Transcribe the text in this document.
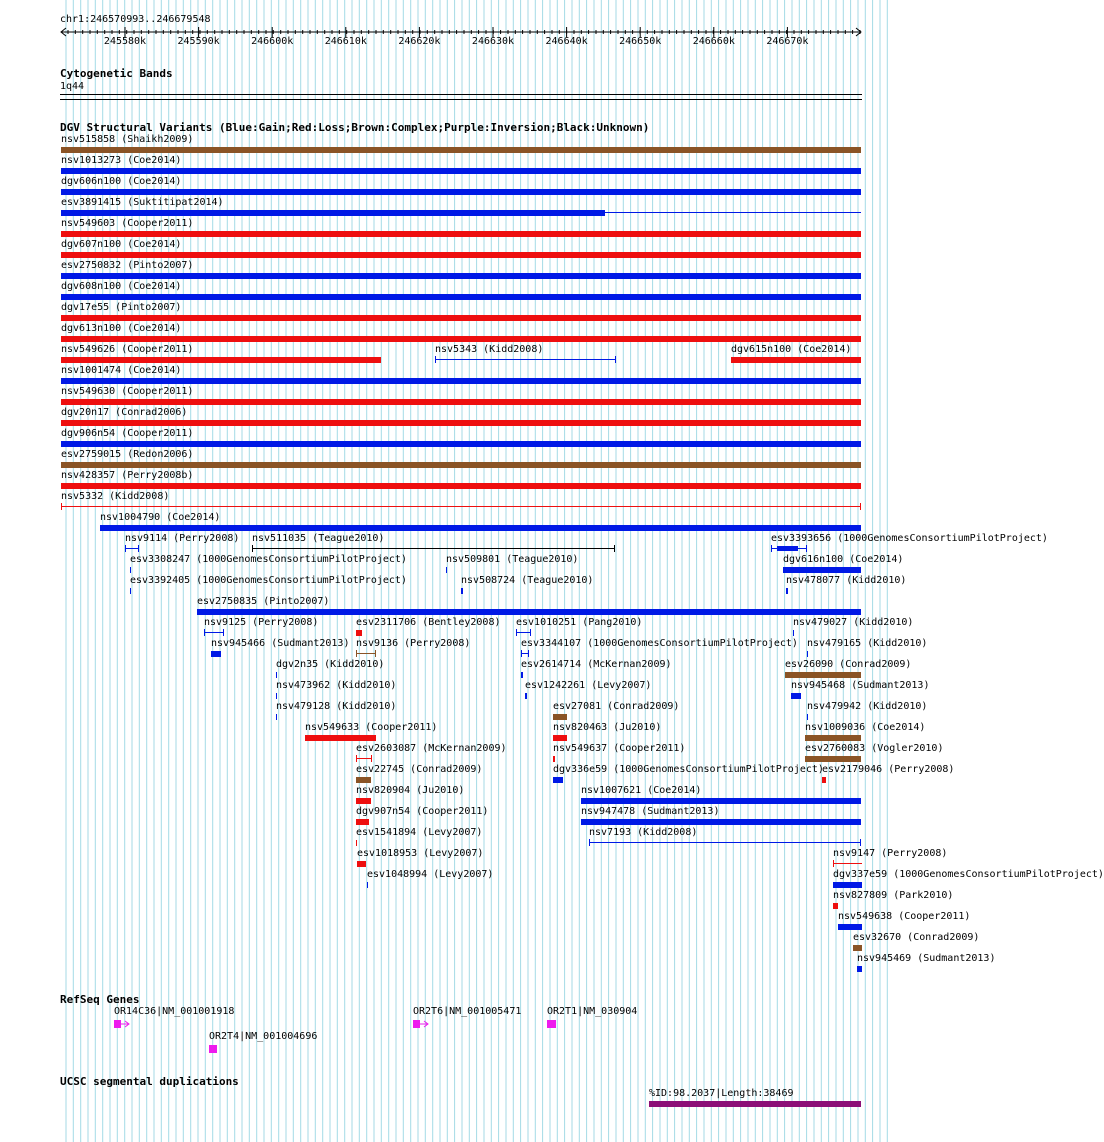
chr1:246570993..246679548
245580k	245590k	246600k	246610k	246620k	246630k	246640k	246650k	246660k	246670k
Cytogenetic Bands
1q44
DGV Structural Variants (Blue:Gain;Red:Loss;Brown:Complex;Purple:Inversion;Black:Unknown)
nsv515858 (Shaikh2009)
nsv1013273 (Coe2014)
dgv606n100 (Coe2014)
esv3891415 (Suktitipat2014)
nsv549603 (Cooper2011)
dgv607n100 (Coe2014)
esv2750832 (Pinto2007)
dgv608n100 (Coe2014)
dgv17e55 (Pinto2007)
dgv613n100 (Coe2014)
nsv549626 (Cooper2011)	nsv5343 (Kidd2008)	dgv615n100 (Coe2014)
nsv1001474 (Coe2014)
nsv549630 (Cooper2011)
dgv20n17 (Conrad2006)
dgv906n54 (Cooper2011)
esv2759015 (Redon2006)
nsv428357 (Perry2008b)
nsv5332 (Kidd2008)
nsv1004790 (Coe2014)
nsv9114 (Perry2008) nsv511035 (Teague2010)	esv3393656 (1000GenomesConsortiumPilotProject)
esv3308247 (1000GenomesConsortiumPilotProject)	nsv509801 (Teague2010)	dgv616n100 (Coe2014)
esv3392405 (1000GenomesConsortiumPilotProject)	nsv508724 (Teague2010)	nsv478077 (Kidd2010)
esv2750835 (Pinto2007)
nsv9125 (Perry2008)	esv2311706 (Bentley2008) esv1010251 (Pang2010)	nsv479027 (Kidd2010)
nsv945466 (Sudmant2013) nsv9136 (Perry2008)	esv3344107 (1000GenomesConsortiumPilotProject) nsv479165 (Kidd2010)
dgv2n35 (Kidd2010)	esv2614714 (McKernan2009)	esv26090 (Conrad2009)
nsv473962 (Kidd2010)	esv1242261 (Levy2007)	nsv945468 (Sudmant2013)
nsv479128 (Kidd2010)	esv27081 (Conrad2009)	nsv479942 (Kidd2010)
nsv549633 (Cooper2011)	nsv820463 (Ju2010)	nsv1009036 (Coe2014)
esv2603087 (McKernan2009)	nsv549637 (Cooper2011)	esv2760083 (Vogler2010)
esv22745 (Conrad2009)	dgv336e59 (1000GenomesConsortiumPilotProject)
esv2179046 (Perry2008)
nsv820904 (Ju2010)	nsv1007621 (Coe2014)
dgv907n54 (Cooper2011)	nsv947478 (Sudmant2013)
esv1541894 (Levy2007)	nsv7193 (Kidd2008)
esv1018953 (Levy2007)	nsv9147 (Perry2008)
esv1048994 (Levy2007)	dgv337e59 (1000GenomesConsortiumPilotProject)
nsv827809 (Park2010)
nsv549638 (Cooper2011)
esv32670 (Conrad2009)
nsv945469 (Sudmant2013)
RefSeq Genes
OR14C36|NM_001001918	OR2T6|NM_001005471	OR2T1|NM_030904
OR2T4|NM_001004696
UCSC segmental duplications
%ID:98.2037|Length:38469
